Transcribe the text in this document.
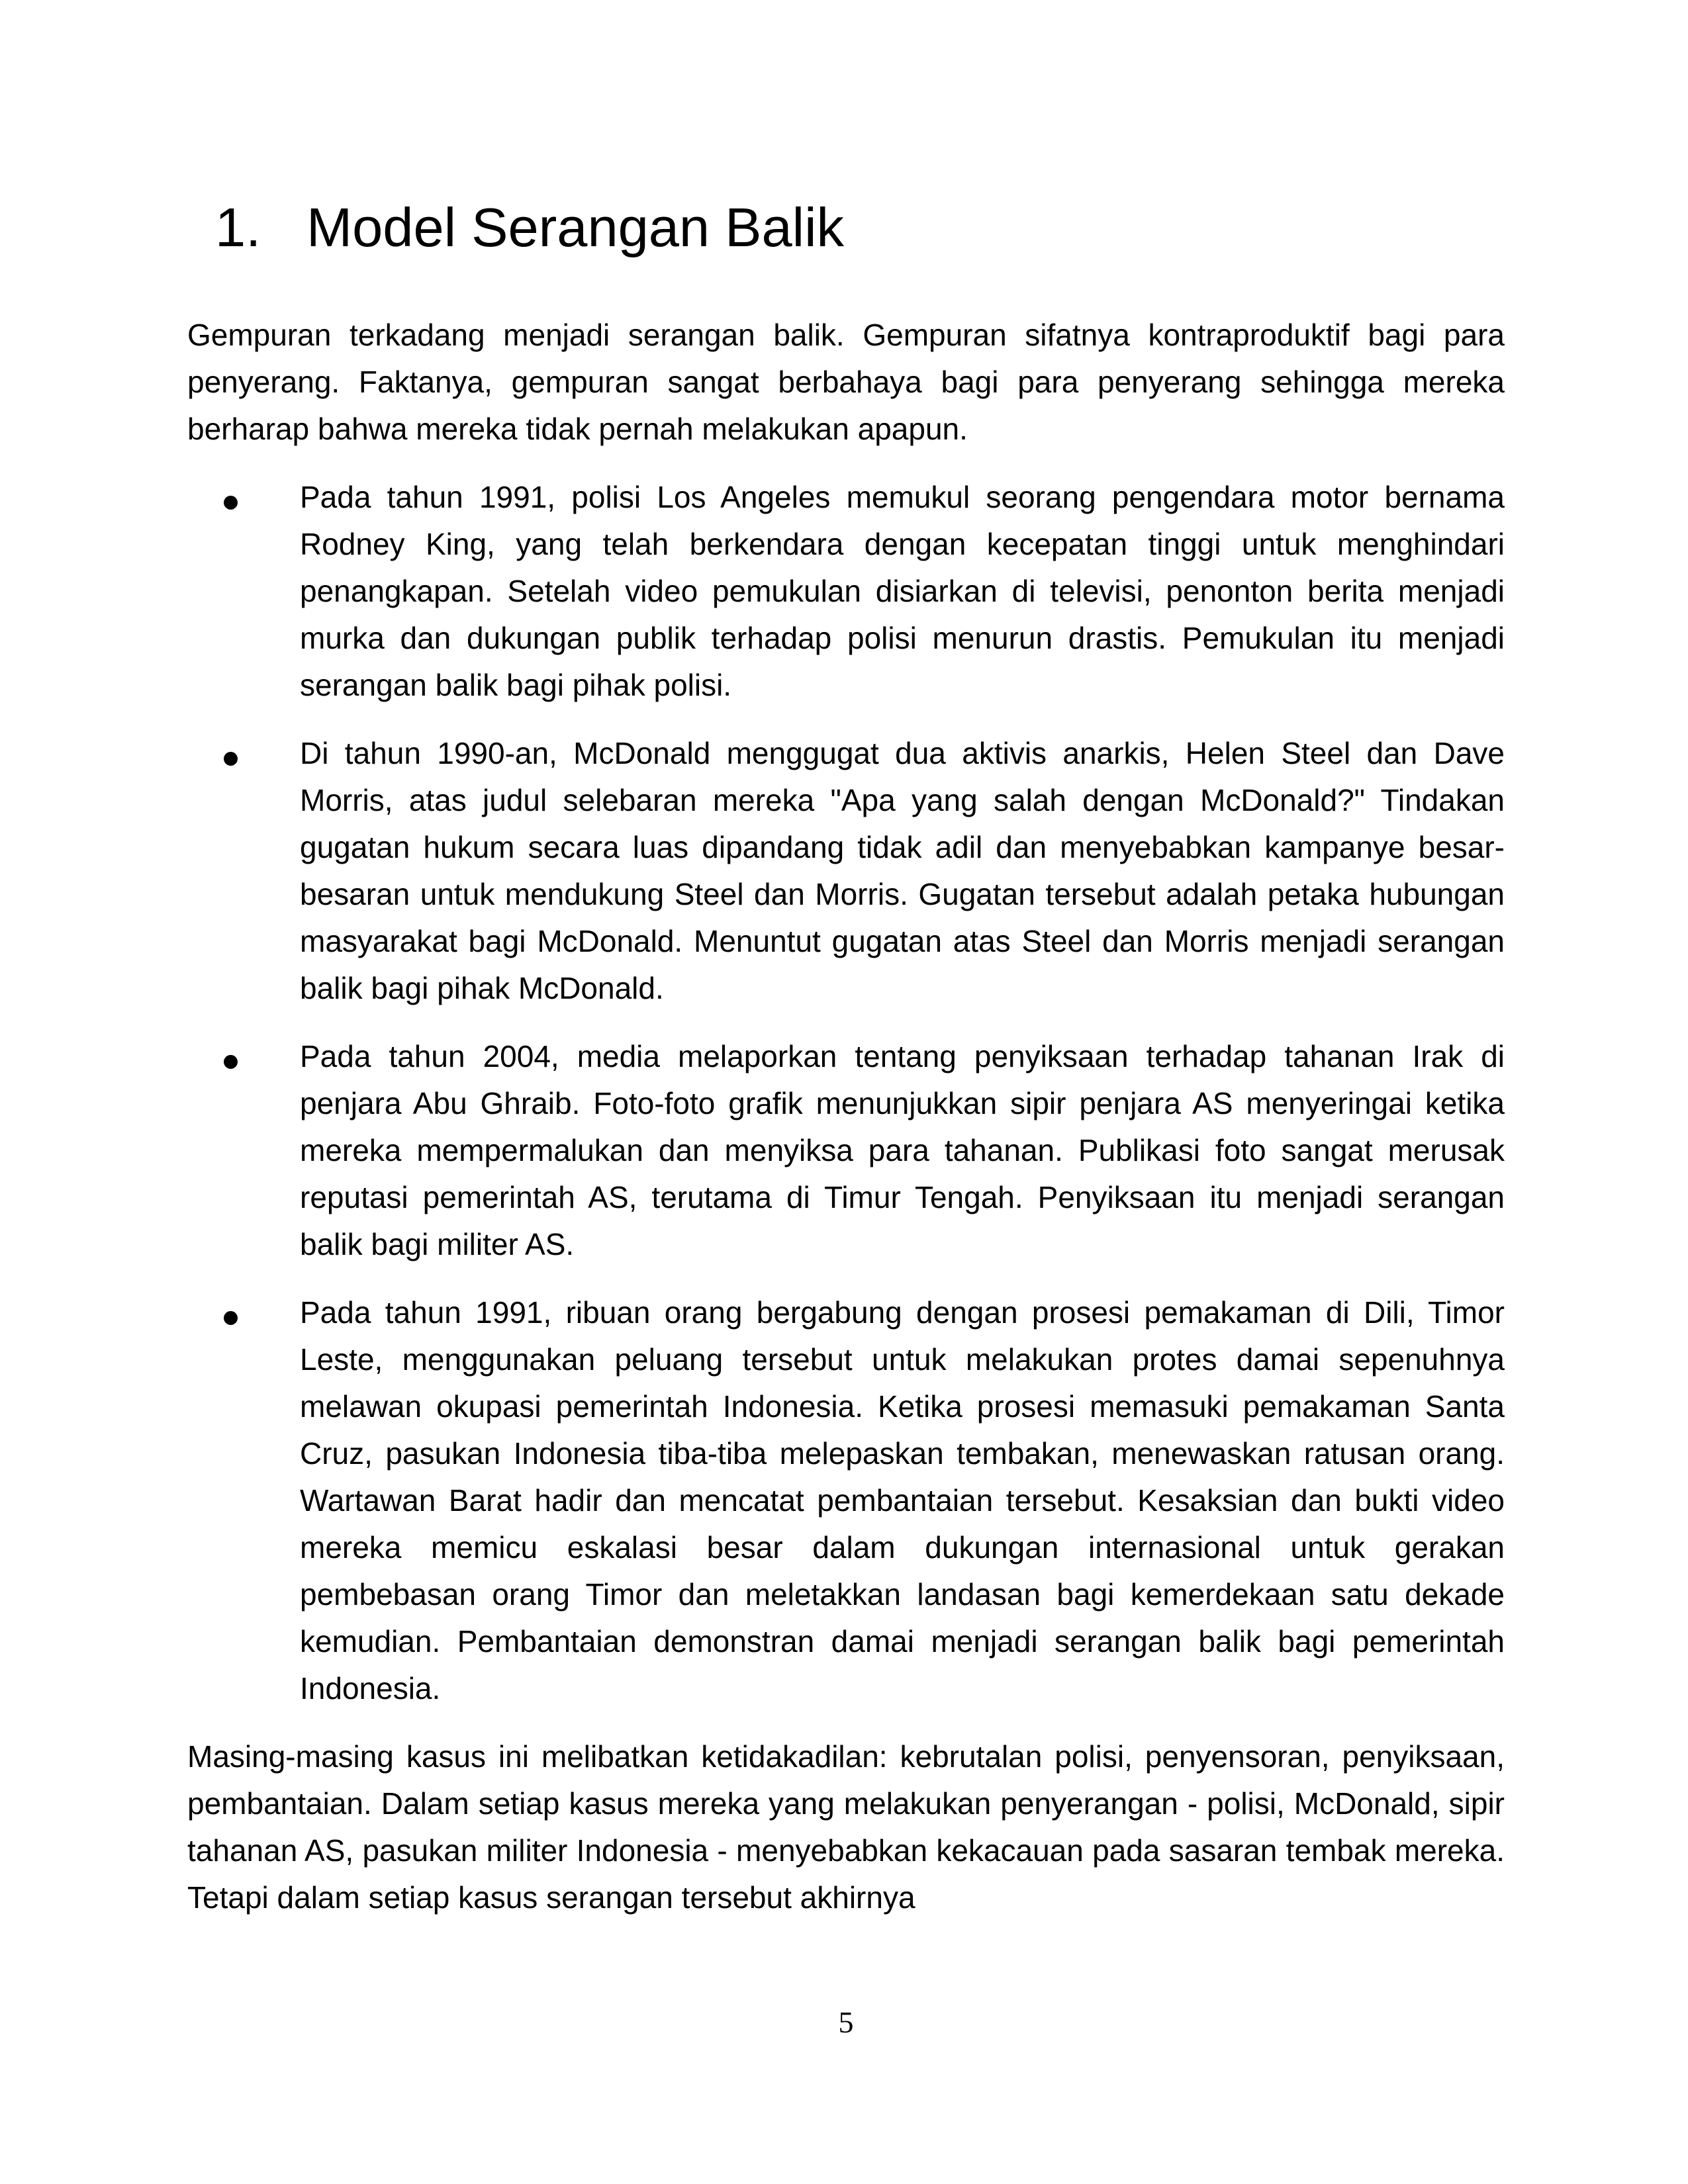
1. Model Serangan Balik

Gempuran terkadang menjadi serangan balik. Gempuran sifatnya kontraproduktif bagi para penyerang. Faktanya, gempuran sangat berbahaya bagi para penyerang sehingga mereka berharap bahwa mereka tidak pernah melakukan apapun.

Pada tahun 1991, polisi Los Angeles memukul seorang pengendara motor bernama Rodney King, yang telah berkendara dengan kecepatan tinggi untuk menghindari penangkapan. Setelah video pemukulan disiarkan di televisi, penonton berita menjadi murka dan dukungan publik terhadap polisi menurun drastis. Pemukulan itu menjadi serangan balik bagi pihak polisi.
Di tahun 1990-an, McDonald menggugat dua aktivis anarkis, Helen Steel dan Dave Morris, atas judul selebaran mereka "Apa yang salah dengan McDonald?" Tindakan gugatan hukum secara luas dipandang tidak adil dan menyebabkan kampanye besar-besaran untuk mendukung Steel dan Morris. Gugatan tersebut adalah petaka hubungan masyarakat bagi McDonald. Menuntut gugatan atas Steel dan Morris menjadi serangan balik bagi pihak McDonald.
Pada tahun 2004, media melaporkan tentang penyiksaan terhadap tahanan Irak di penjara Abu Ghraib. Foto-foto grafik menunjukkan sipir penjara AS menyeringai ketika mereka mempermalukan dan menyiksa para tahanan. Publikasi foto sangat merusak reputasi pemerintah AS, terutama di Timur Tengah. Penyiksaan itu menjadi serangan balik bagi militer AS.
Pada tahun 1991, ribuan orang bergabung dengan prosesi pemakaman di Dili, Timor Leste, menggunakan peluang tersebut untuk melakukan protes damai sepenuhnya melawan okupasi pemerintah Indonesia. Ketika prosesi memasuki pemakaman Santa Cruz, pasukan Indonesia tiba-tiba melepaskan tembakan, menewaskan ratusan orang. Wartawan Barat hadir dan mencatat pembantaian tersebut. Kesaksian dan bukti video mereka memicu eskalasi besar dalam dukungan internasional untuk gerakan pembebasan orang Timor dan meletakkan landasan bagi kemerdekaan satu dekade kemudian. Pembantaian demonstran damai menjadi serangan balik bagi pemerintah Indonesia.

Masing-masing kasus ini melibatkan ketidakadilan: kebrutalan polisi, penyensoran, penyiksaan, pembantaian. Dalam setiap kasus mereka yang melakukan penyerangan - polisi, McDonald, sipir tahanan AS, pasukan militer Indonesia - menyebabkan kekacauan pada sasaran tembak mereka. Tetapi dalam setiap kasus serangan tersebut akhirnya

5
